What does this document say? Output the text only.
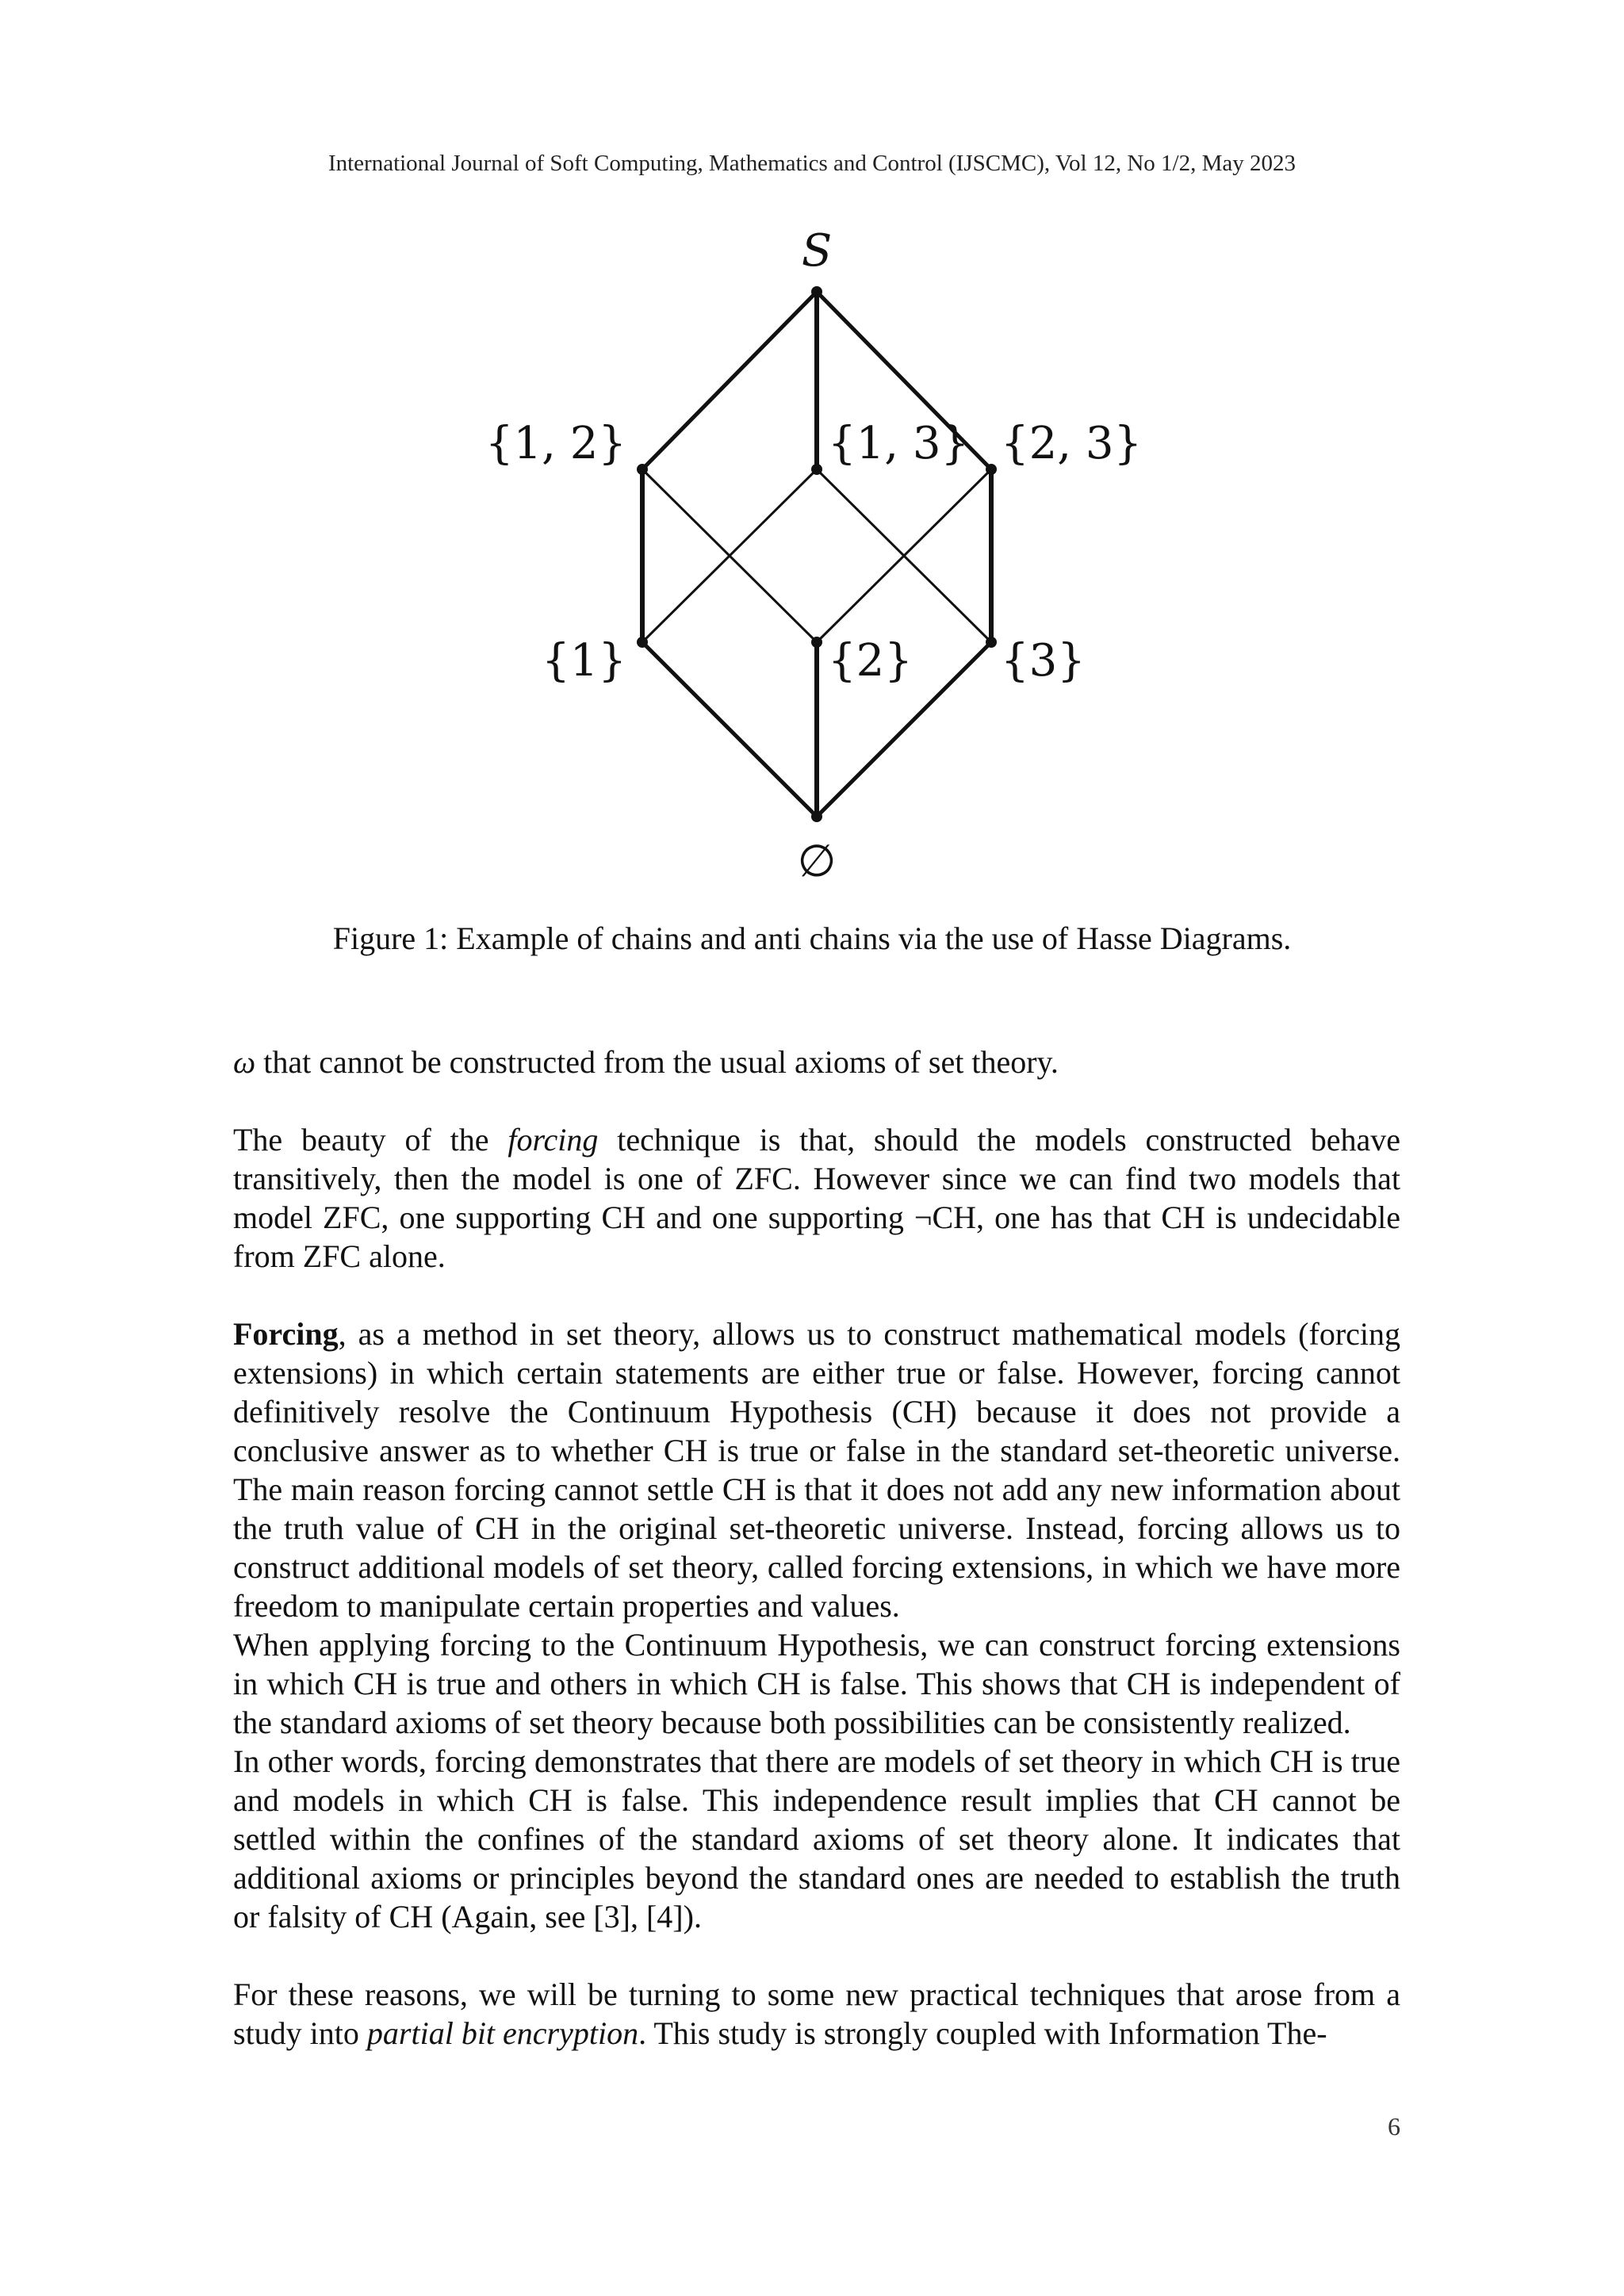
International Journal of Soft Computing, Mathematics and Control (IJSCMC), Vol 12, No 1/2, May 2023
S
{1, 2}	{1, 3} {2, 3}
{1}	{2} {3}
∅
Figure 1: Example of chains and anti chains via the use of Hasse Diagrams.

ω that cannot be constructed from the usual axioms of set theory.

The beauty of the forcing technique is that, should the models constructed behave transitively, then the model is one of ZFC. However since we can find two models that model ZFC, one supporting CH and one supporting ¬CH, one has that CH is undecidable from ZFC alone.

Forcing, as a method in set theory, allows us to construct mathematical models (forcing extensions) in which certain statements are either true or false. However, forcing cannot definitively resolve the Continuum Hypothesis (CH) because it does not provide a conclusive answer as to whether CH is true or false in the standard set-theoretic universe. The main reason forcing cannot settle CH is that it does not add any new information about the truth value of CH in the original set-theoretic universe. Instead, forcing allows us to construct additional models of set theory, called forcing extensions, in which we have more freedom to manipulate certain properties and values.

When applying forcing to the Continuum Hypothesis, we can construct forcing extensions in which CH is true and others in which CH is false. This shows that CH is independent of the standard axioms of set theory because both possibilities can be consistently realized.

In other words, forcing demonstrates that there are models of set theory in which CH is true and models in which CH is false. This independence result implies that CH cannot be settled within the confines of the standard axioms of set theory alone. It indicates that additional axioms or principles beyond the standard ones are needed to establish the truth or falsity of CH (Again, see [3], [4]).

For these reasons, we will be turning to some new practical techniques that arose from a study into partial bit encryption. This study is strongly coupled with Information The-

6
